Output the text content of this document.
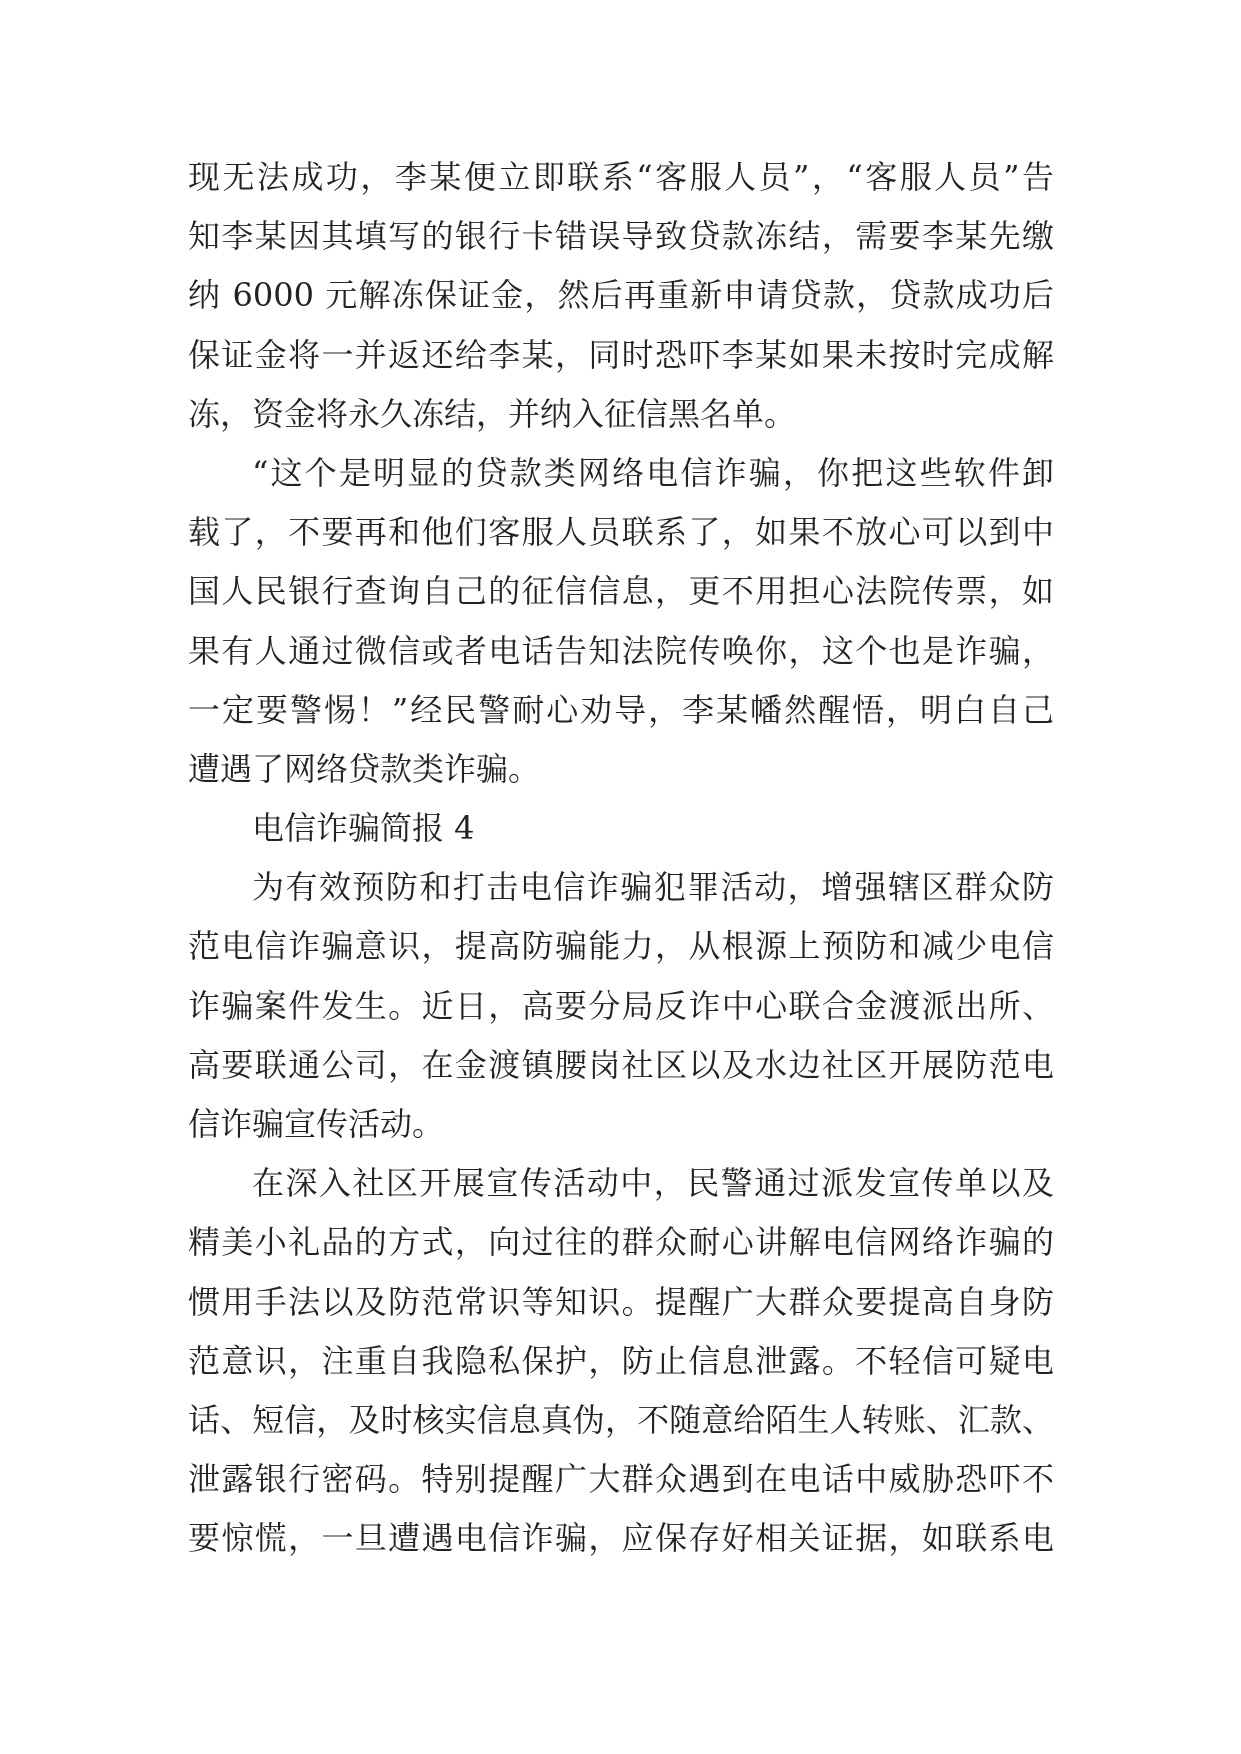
现无法成功，李某便立即联系“客服人员”，“客服人员”告
知李某因其填写的银行卡错误导致贷款冻结，需要李某先缴
纳 6000 元解冻保证金，然后再重新申请贷款，贷款成功后
保证金将一并返还给李某，同时恐吓李某如果未按时完成解
冻，资金将永久冻结，并纳入征信黑名单。
“这个是明显的贷款类网络电信诈骗，你把这些软件卸
载了，不要再和他们客服人员联系了，如果不放心可以到中
国人民银行查询自己的征信信息，更不用担心法院传票，如
果有人通过微信或者电话告知法院传唤你，这个也是诈骗，
一定要警惕！”经民警耐心劝导，李某幡然醒悟，明白自己
遭遇了网络贷款类诈骗。
电信诈骗简报 4
为有效预防和打击电信诈骗犯罪活动，增强辖区群众防
范电信诈骗意识，提高防骗能力，从根源上预防和减少电信
诈骗案件发生。近日，高要分局反诈中心联合金渡派出所、
高要联通公司，在金渡镇腰岗社区以及水边社区开展防范电
信诈骗宣传活动。
在深入社区开展宣传活动中，民警通过派发宣传单以及
精美小礼品的方式，向过往的群众耐心讲解电信网络诈骗的
惯用手法以及防范常识等知识。提醒广大群众要提高自身防
范意识，注重自我隐私保护，防止信息泄露。不轻信可疑电
话、短信，及时核实信息真伪，不随意给陌生人转账、汇款、
泄露银行密码。特别提醒广大群众遇到在电话中威胁恐吓不
要惊慌，一旦遭遇电信诈骗，应保存好相关证据，如联系电
